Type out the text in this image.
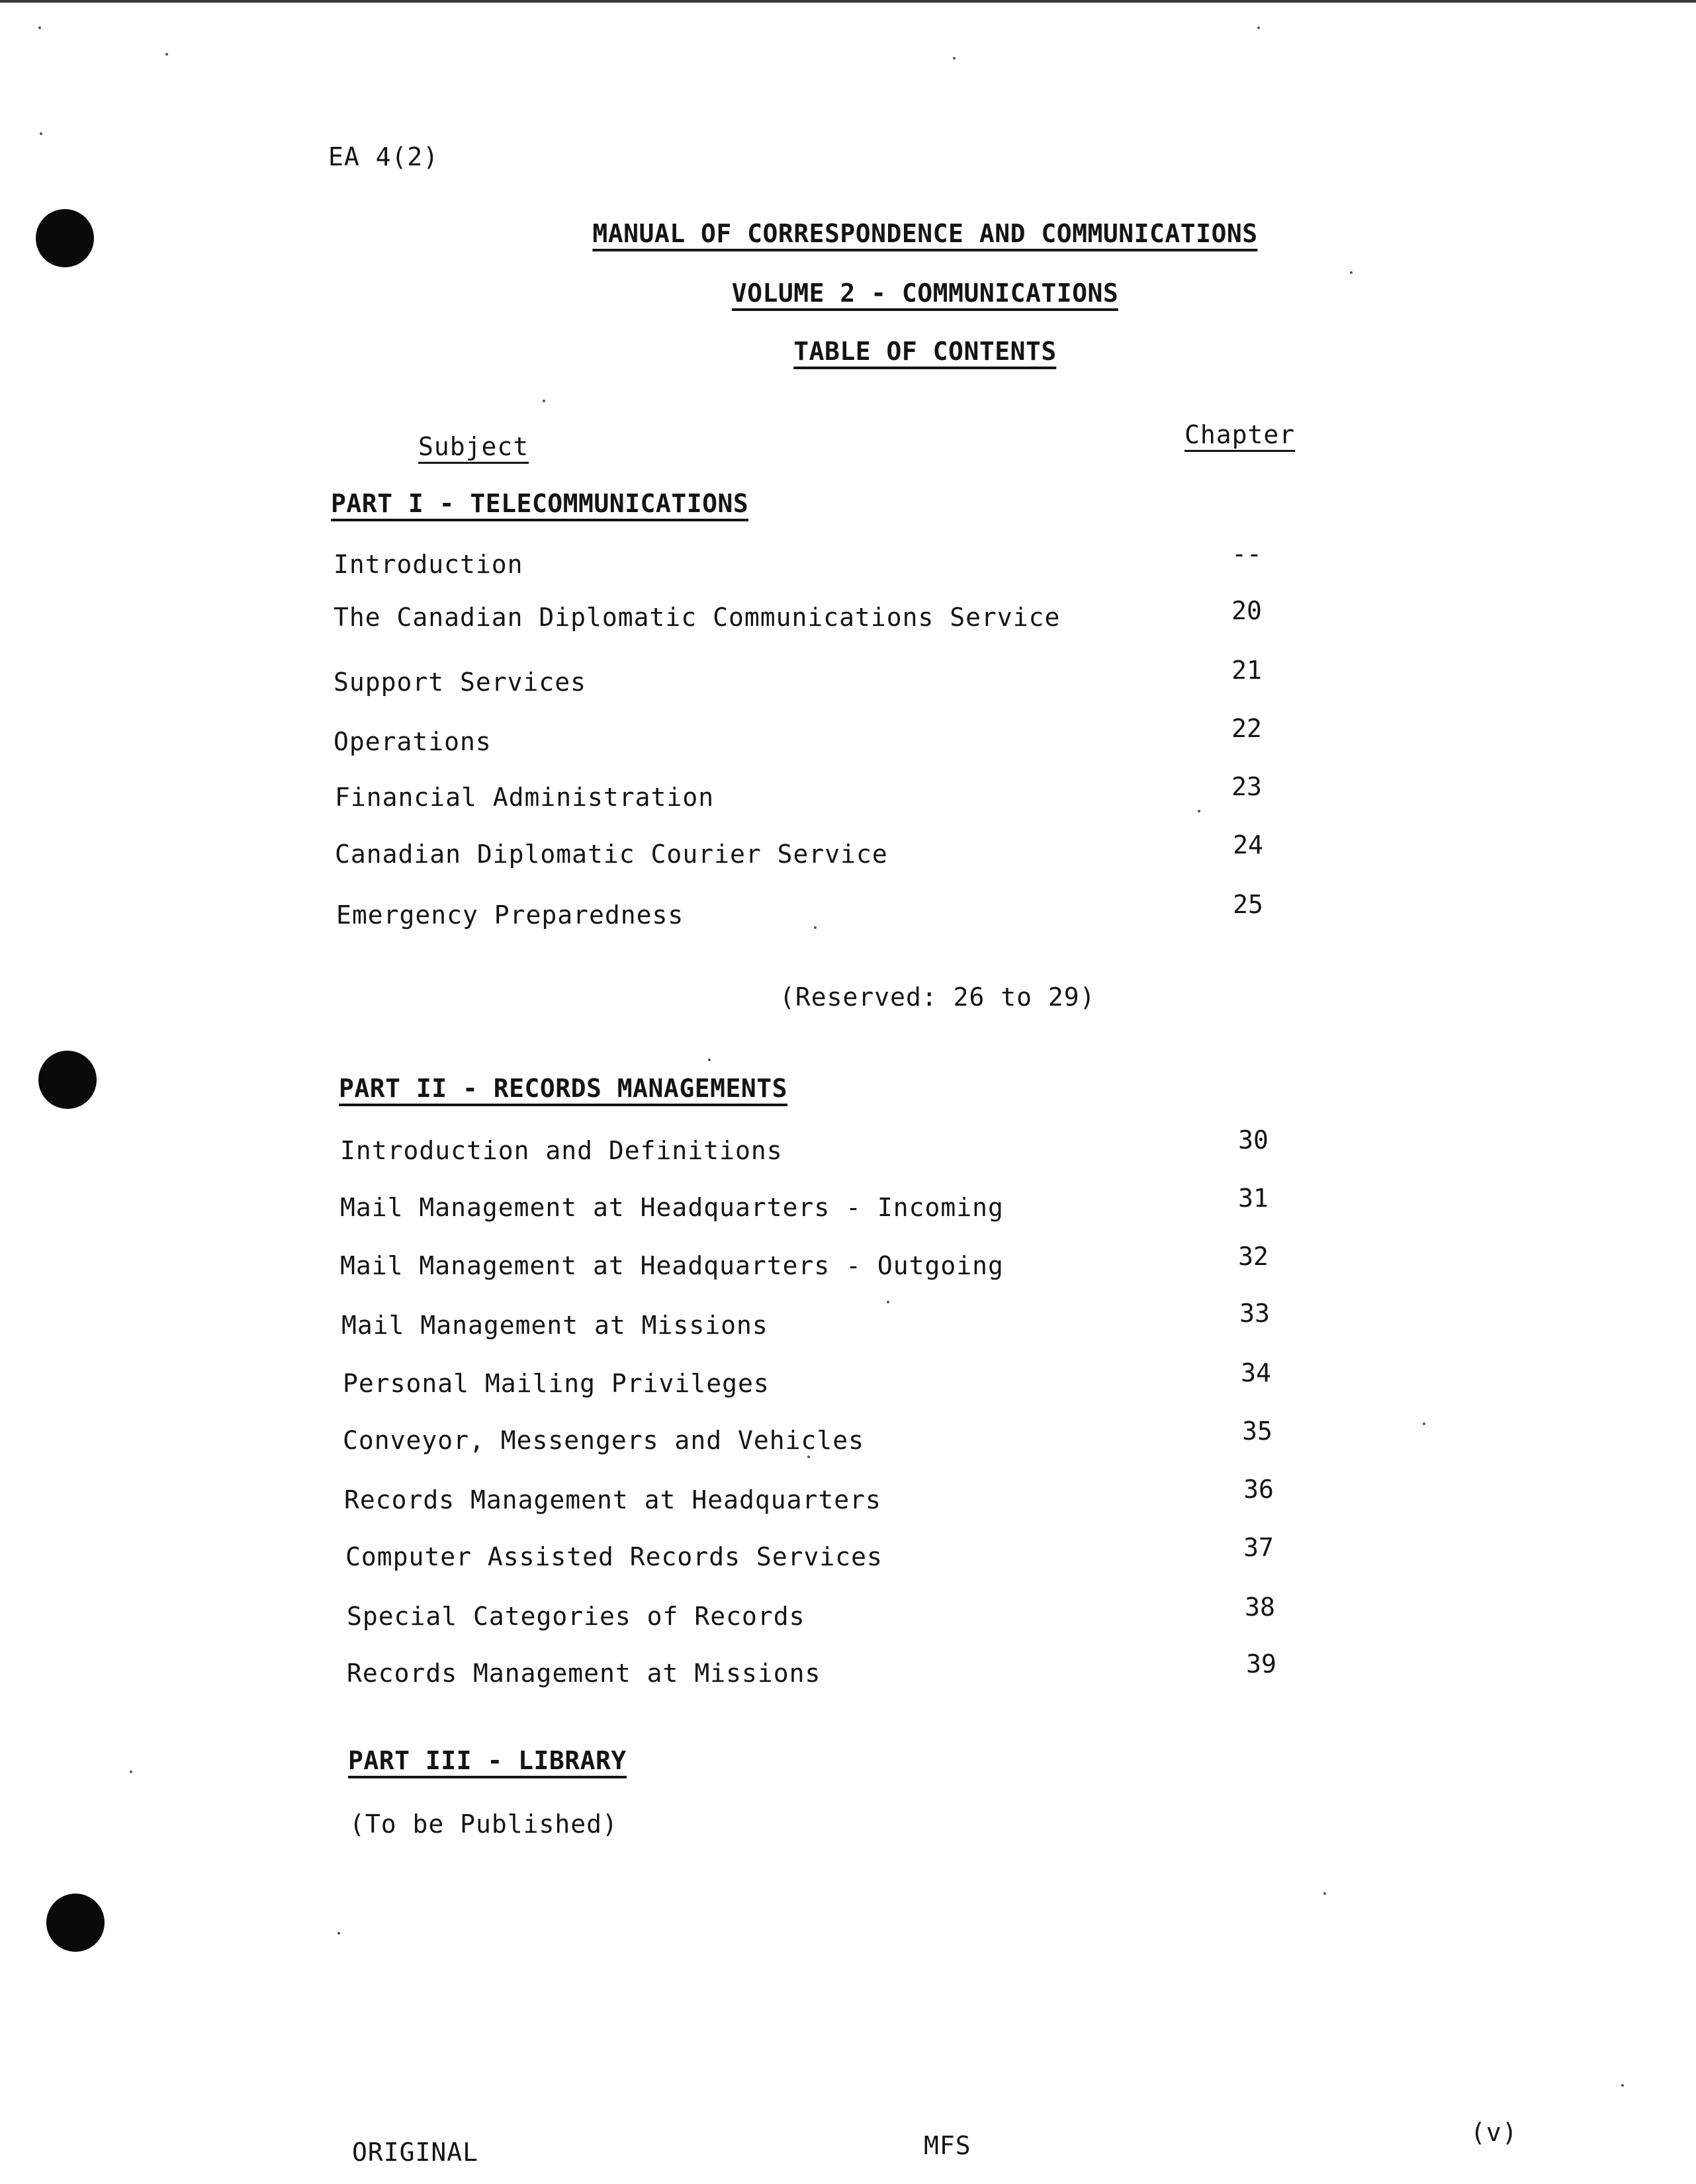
EA 4(2)
MANUAL OF CORRESPONDENCE AND COMMUNICATIONS
VOLUME 2 - COMMUNICATIONS
TABLE OF CONTENTS
Subject	Chapter
PART I - TELECOMMUNICATIONS
Introduction	--
The Canadian Diplomatic Communications Service	20
Support Services	21
Operations	22
Financial Administration	23
Canadian Diplomatic Courier Service	24
Emergency Preparedness	25
(Reserved: 26 to 29)
PART II - RECORDS MANAGEMENTS
Introduction and Definitions	30
Mail Management at Headquarters - Incoming	31
Mail Management at Headquarters - Outgoing	32
Mail Management at Missions	33
Personal Mailing Privileges	34
Conveyor, Messengers and Vehicles	35
Records Management at Headquarters	36
Computer Assisted Records Services	37
Special Categories of Records	38
Records Management at Missions	39
PART III - LIBRARY
(To be Published)
ORIGINAL	MFS	(v)
